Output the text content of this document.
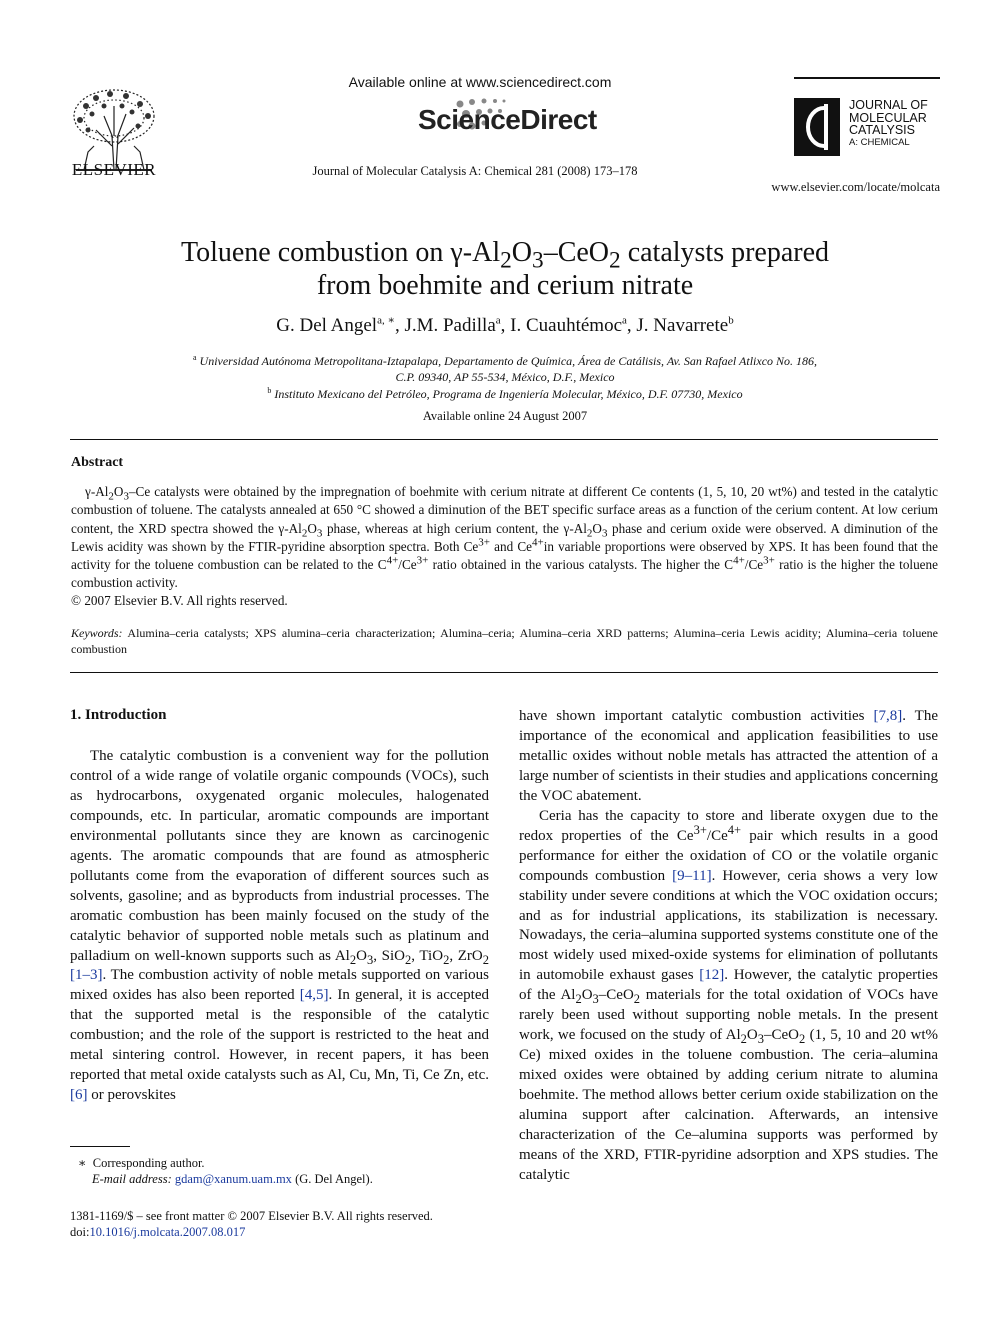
ELSEVIER
Available online at www.sciencedirect.com
ScienceDirect
Journal of Molecular Catalysis A: Chemical 281 (2008) 173–178
JOURNAL OF
MOLECULAR
CATALYSIS
A: CHEMICAL
www.elsevier.com/locate/molcata
Toluene combustion on $\gamma-Al_2O_3-CeO_2$ catalysts prepared
from boehmite and cerium nitrate
G. Del Angel$^{a, ∗}$, J.M. Padilla$^a$, I. Cuauhtémoc$^a$, J. Navarrete$^b$
$^a$ Universidad Autónoma Metropolitana-Iztapalapa, Departamento de Química, Área de Catálisis, Av. San Rafael Atlixco No. 186,
C.P. 09340, AP 55-534, México, D.F., Mexico
$^b$ Instituto Mexicano del Petróleo, Programa de Ingeniería Molecular, México, D.F. 07730, Mexico
Available online 24 August 2007
Abstract
$\gamma-Al_2O_3-Ce$ catalysts were obtained by the impregnation of boehmite with cerium nitrate at different Ce contents (1, 5, 10, 20 wt%) and tested in the catalytic combustion of toluene. The catalysts annealed at 650 °C showed a diminution of the BET specific surface areas as a function of the cerium content. At low cerium content, the XRD spectra showed the $\gamma-Al_2O_3$ phase, whereas at high cerium content, the $\gamma-Al_2O_3$ phase and cerium oxide were observed. A diminution of the Lewis acidity was shown by the FTIR-pyridine absorption spectra. Both $Ce^{3+}$ and $Ce^{4+}in$ variable proportions were observed by XPS. It has been found that the activity for the toluene combustion can be related to the $C^{4+}/Ce^{3+}$ ratio obtained in the various catalysts. The higher the $C^{4+}/Ce^{3+}$ ratio is the higher the toluene combustion activity.
© 2007 Elsevier B.V. All rights reserved.
Keywords: Alumina–ceria catalysts; XPS alumina–ceria characterization; Alumina–ceria; Alumina–ceria XRD patterns; Alumina–ceria Lewis acidity; Alumina–ceria toluene combustion
1. Introduction

The catalytic combustion is a convenient way for the pollution control of a wide range of volatile organic compounds (VOCs), such as hydrocarbons, oxygenated organic molecules, halogenated compounds, etc. In particular, aromatic compounds are important environmental pollutants since they are known as carcinogenic agents. The aromatic compounds that are found as atmospheric pollutants come from the evaporation of different sources such as solvents, gasoline; and as byproducts from industrial processes. The aromatic combustion has been mainly focused on the study of the catalytic behavior of supported noble metals such as platinum and palladium on well-known supports such as $Al_2O_3$, SiO$_2$, TiO$_2$, ZrO$_2$ [1–3]. The combustion activity of noble metals supported on various mixed oxides has also been reported [4,5]. In general, it is accepted that the supported metal is the responsible of the catalytic combustion; and the role of the support is restricted to the heat and metal sintering control. However, in recent papers, it has been reported that metal oxide catalysts such as Al, Cu, Mn, Ti, Ce Zn, etc. [6] or perovskites

have shown important catalytic combustion activities [7,8]. The importance of the economical and application feasibilities to use metallic oxides without noble metals has attracted the attention of a large number of scientists in their studies and applications concerning the VOC abatement.

Ceria has the capacity to store and liberate oxygen due to the redox properties of the $Ce^{3+}/Ce^{4+}$ pair which results in a good performance for either the oxidation of CO or the volatile organic compounds combustion [9–11]. However, ceria shows a very low stability under severe conditions at which the VOC oxidation occurs; and as for industrial applications, its stabilization is necessary. Nowadays, the ceria–alumina supported systems constitute one of the most widely used mixed-oxide systems for elimination of pollutants in automobile exhaust gases [12]. However, the catalytic properties of the $Al_2O_3-CeO_2$ materials for the total oxidation of VOCs have rarely been used without supporting noble metals. In the present work, we focused on the study of $Al_2O_3-CeO_2$ (1, 5, 10 and 20 wt% Ce) mixed oxides in the toluene combustion. The ceria–alumina mixed oxides were obtained by adding cerium nitrate to alumina boehmite. The method allows better cerium oxide stabilization on the alumina support after calcination. Afterwards, an intensive characterization of the Ce–alumina supports was performed by means of the XRD, FTIR-pyridine adsorption and XPS studies. The catalytic

∗ Corresponding author.
E-mail address: gdam@xanum.uam.mx (G. Del Angel).
1381-1169/$ – see front matter © 2007 Elsevier B.V. All rights reserved.
doi:10.1016/j.molcata.2007.08.017
